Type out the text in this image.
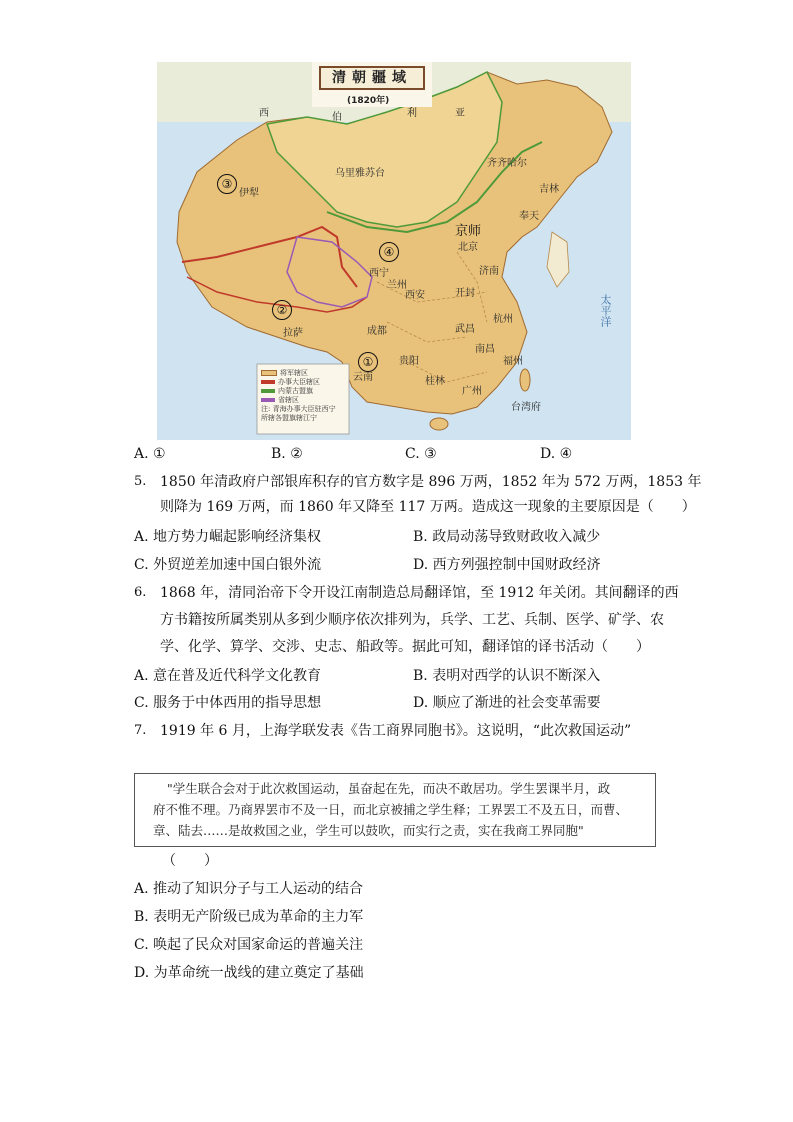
清朝疆域
(1820年)
西	伯	利	亚
乌里雅苏台
齐齐哈尔
吉林
奉天
京师
北京
伊犁
西宁
兰州
西安	开封
济南
成都	武昌
南昌
贵阳
云南	桂林
广州
福州
拉萨
台湾府
杭州	太平洋
③
②
④
①
将军辖区
办事大臣辖区
内蒙古盟旗
省辖区
注: 青海办事大臣驻西宁
所辖各盟旗辖江宁
A. ①	B. ②	C. ③	D. ④
5. 1850 年清政府户部银库积存的官方数字是 896 万两，1852 年为 572 万两，1853 年
则降为 169 万两，而 1860 年又降至 117 万两。造成这一现象的主要原因是（　　）
A. 地方势力崛起影响经济集权	B. 政局动荡导致财政收入减少
C. 外贸逆差加速中国白银外流	D. 西方列强控制中国财政经济
6. 1868 年，清同治帝下令开设江南制造总局翻译馆，至 1912 年关闭。其间翻译的西
方书籍按所属类别从多到少顺序依次排列为，兵学、工艺、兵制、医学、矿学、农
学、化学、算学、交涉、史志、船政等。据此可知，翻译馆的译书活动（　　）
A. 意在普及近代科学文化教育	B. 表明对西学的认识不断深入
C. 服务于中体西用的指导思想	D. 顺应了渐进的社会变革需要
7. 1919 年 6 月，上海学联发表《告工商界同胞书》。这说明，“此次救国运动”
"学生联合会对于此次救国运动，虽奋起在先，而决不敢居功。学生罢课半月，政
府不惟不理。乃商界罢市不及一日，而北京被捕之学生释；工界罢工不及五日，而曹、
章、陆去……是故救国之业，学生可以鼓吹，而实行之责，实在我商工界同胞"
（　　）
A. 推动了知识分子与工人运动的结合
B. 表明无产阶级已成为革命的主力军
C. 唤起了民众对国家命运的普遍关注
D. 为革命统一战线的建立奠定了基础
